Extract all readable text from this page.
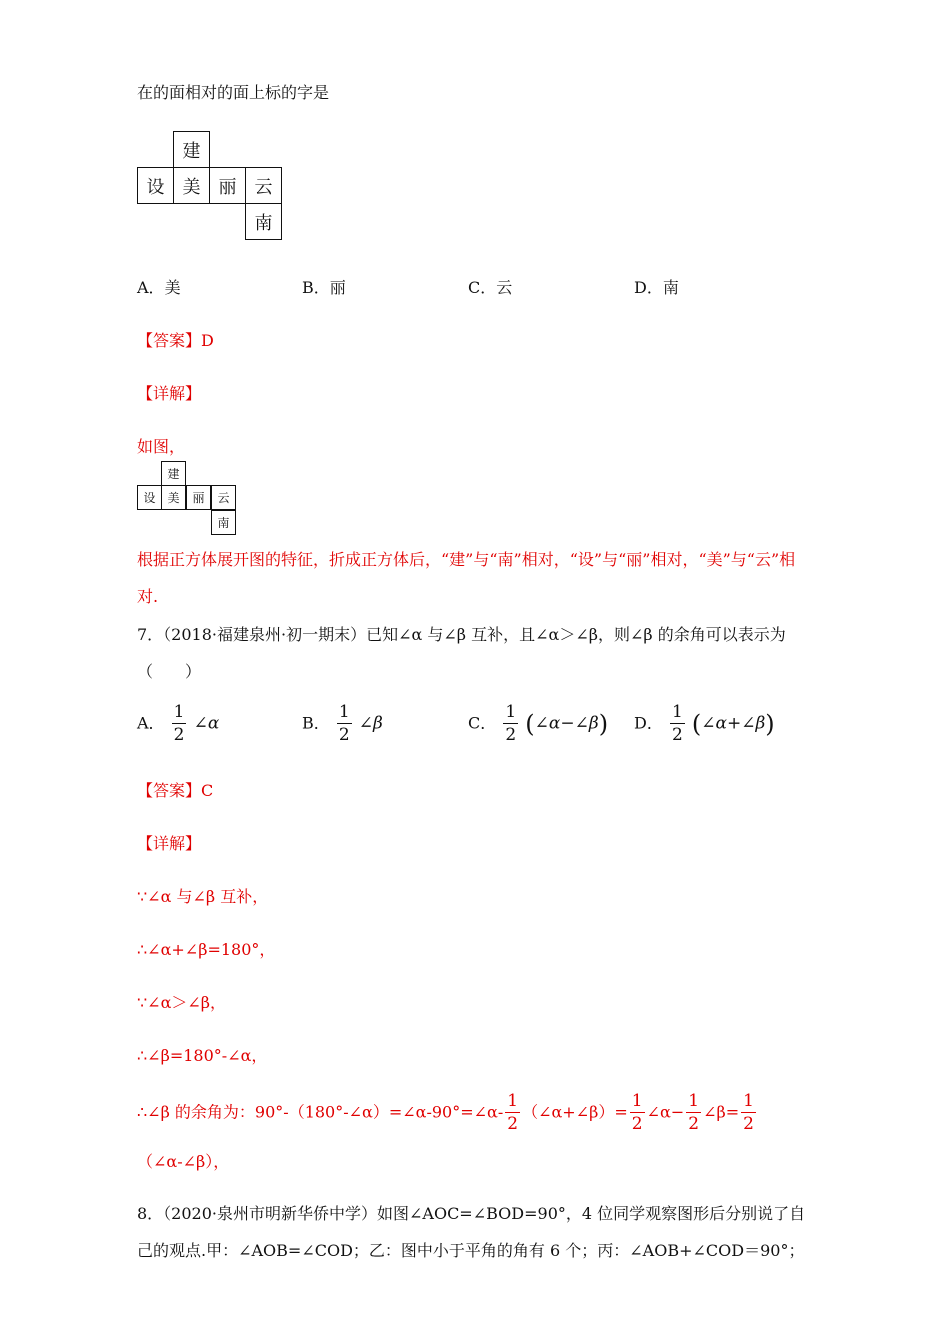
在的面相对的面上标的字是
建
设	美	丽	云
南
A．美	B．丽	C．云	D．南
【答案】D
【详解】
如图，
建
设 美	丽	云
南
根据正方体展开图的特征，折成正方体后，“建”与“南”相对，“设”与“丽”相对，“美”与“云”相
对.
7．（2018·福建泉州·初一期末）已知∠α 与∠β 互补，且∠α＞∠β，则∠β 的余角可以表示为
（　　）
A． $\frac{1}{2}$ ∠α	B． $\frac{1}{2}$ ∠β	C． $\frac{1}{2}$ (∠α−∠β) D． $\frac{1}{2}$ (∠α+∠β)
【答案】C
【详解】
∵∠α 与∠β 互补，
∴∠α+∠β=180°，
∵∠α＞∠β，
∴∠β=180°-∠α，
∴∠β 的余角为：90°-（180°-∠α）=∠α-90°=∠α- $\frac{1}{2}$ （∠α+∠β）= $\frac{1}{2}$ ∠α− $\frac{1}{2}$ ∠β= $\frac{1}{2}$
（∠α-∠β），
8．（2020·泉州市明新华侨中学）如图∠AOC=∠BOD=90°，4 位同学观察图形后分别说了自
己的观点.甲：∠AOB=∠COD；乙：图中小于平角的角有 6 个；丙：∠AOB+∠COD＝90°；
